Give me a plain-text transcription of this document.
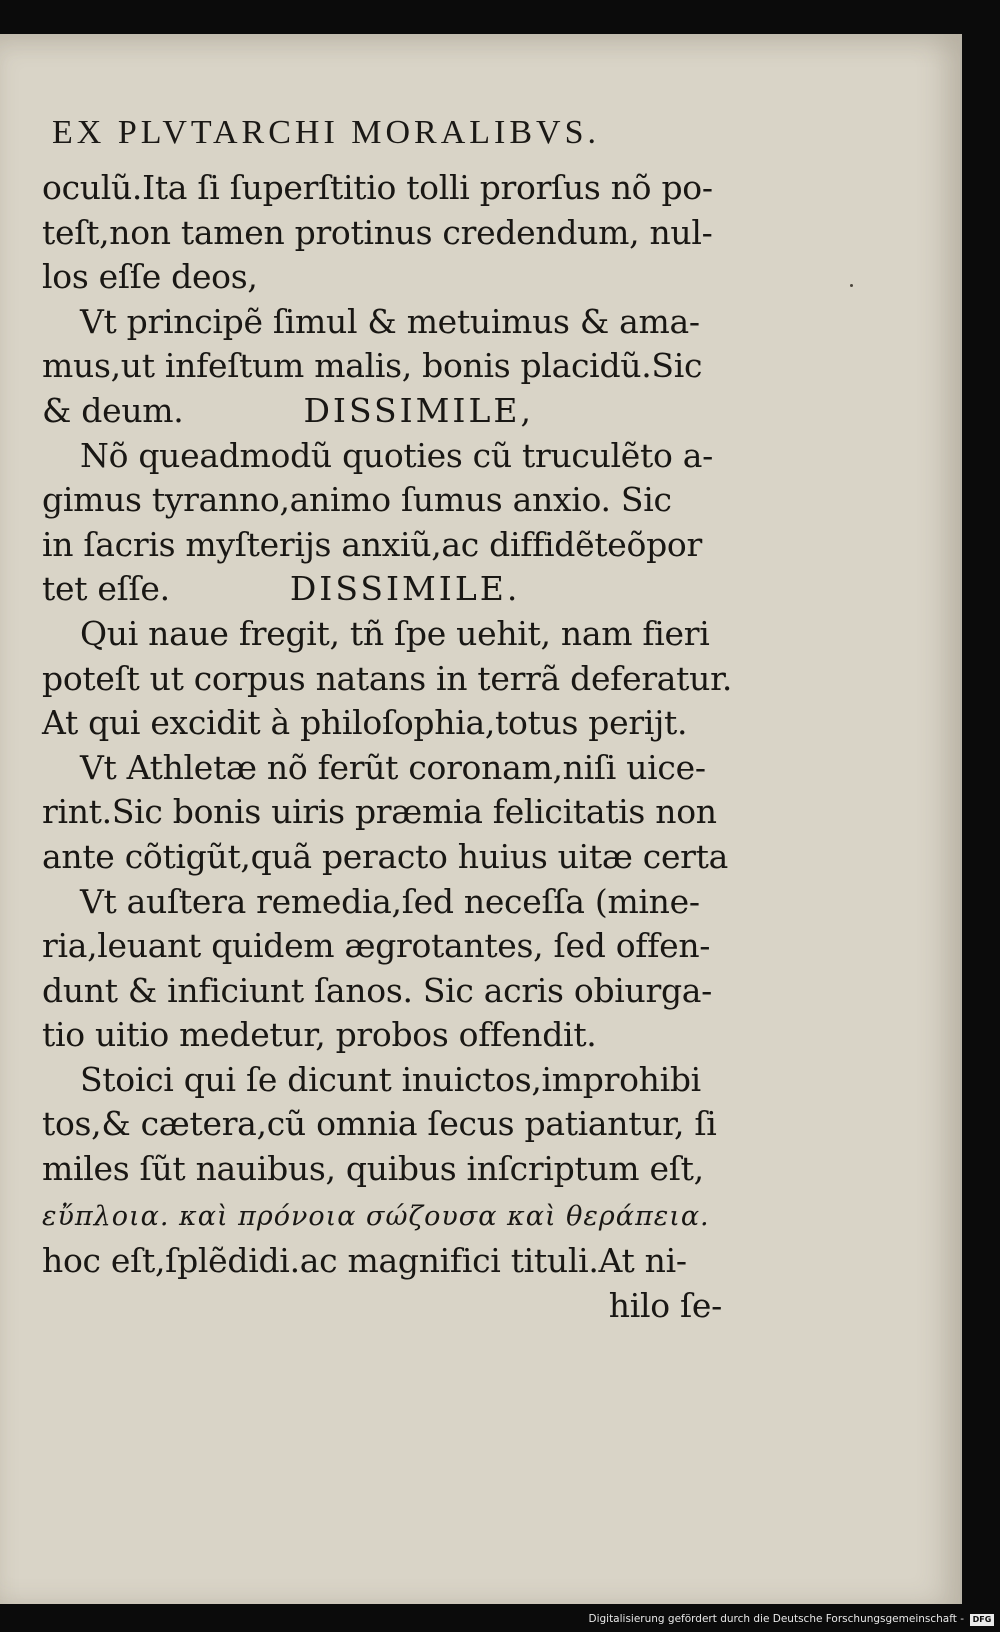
EX PLVTARCHI MORALIBVS.
oculũ.Ita ſi ſuperſtitio tolli prorſus nõ po-
teſt,non tamen protinus credendum, nul-
los eſſe deos,
Vt principẽ ſimul & metuimus & ama-
mus,ut infeſtum malis, bonis placidũ.Sic
& deum.	DISSIMILE,
Nõ queadmodũ quoties cũ truculẽto a-
gimus tyranno,animo ſumus anxio. Sic
in ſacris myſterijs anxiũ,ac diffidẽteõpor
tet eſſe.	DISSIMILE.
Qui naue fregit, tñ ſpe uehit, nam fieri
poteſt ut corpus natans in terrã deferatur.
At qui excidit à philoſophia,totus perijt.
Vt Athletæ nõ ferũt coronam,niſi uice-
rint.Sic bonis uiris præmia felicitatis non
ante cõtigũt,quã peracto huius uitæ certa
Vt auſtera remedia,ſed neceſſa (mine-
ria,leuant quidem ægrotantes, ſed offen-
dunt & inficiunt ſanos. Sic acris obiurga-
tio uitio medetur, probos offendit.
Stoici qui ſe dicunt inuictos,improhibi
tos,& cætera,cũ omnia ſecus patiantur, ſi
miles ſũt nauibus, quibus inſcriptum eſt,
εὔπλοια. καὶ πρόνοια σώζουσα καὶ θεράπεια.
hoc eſt,ſplẽdidi.ac magnifici tituli.At ni-
hilo ſe-
Digitalisierung gefördert durch die Deutsche Forschungsgemeinschaft -	DFG
